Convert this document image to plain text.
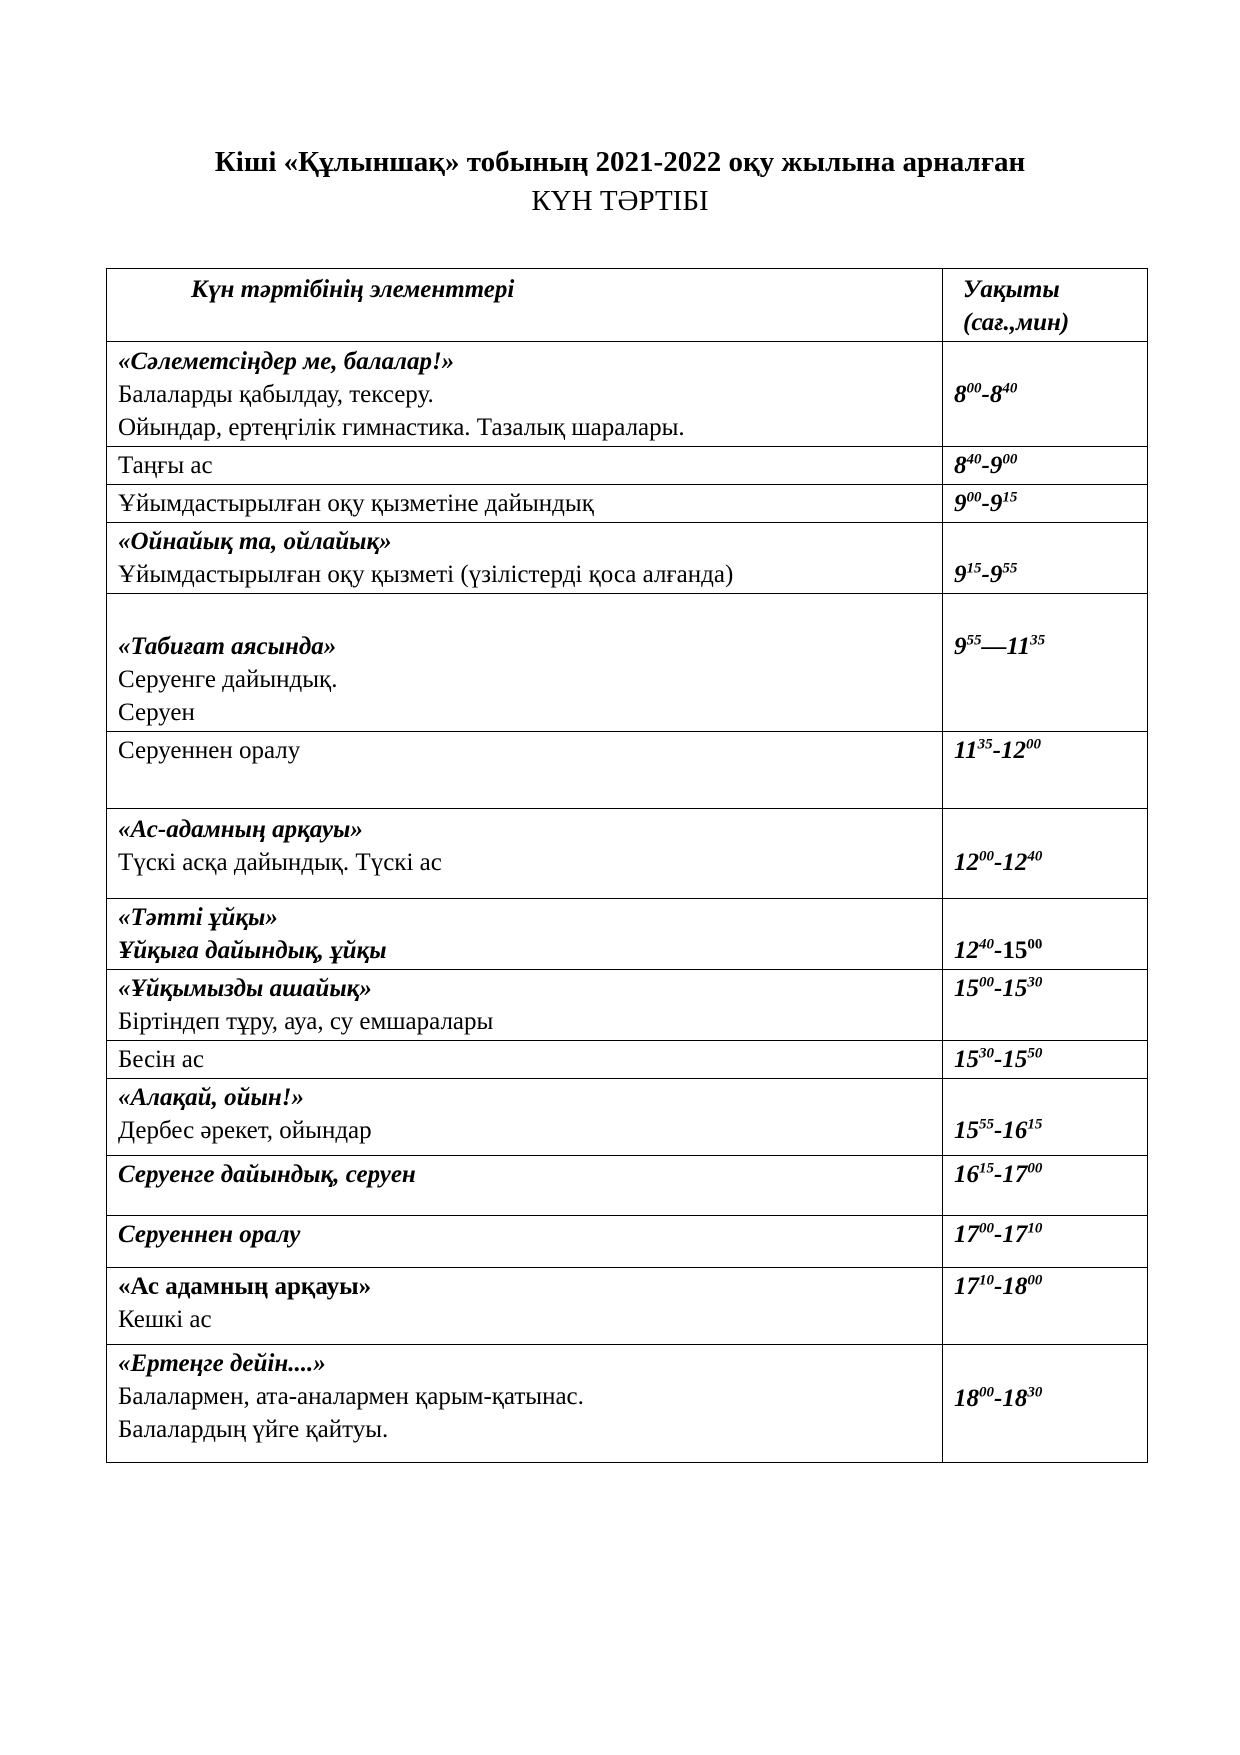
Кіші «Құлыншақ» тобының 2021-2022 оқу жылына арналған
КҮН ТӘРТІБІ
Күн тәртібінің элементтері	Уақыты (сағ.,мин)

«Сәлеметсіңдер ме, балалар!»
Балаларды қабылдау, тексеру.
Ойындар, ертеңгілік гимнастика. Тазалық шаралары.	$8^{00}-8^{40}$

Таңғы ас	$8^{40}-9^{00}$

Ұйымдастырылған оқу қызметіне дайындық	$9^{00}-9^{15}$

«Ойнайық та, ойлайық»
Ұйымдастырылған оқу қызметі (үзілістерді қоса алғанда)	$9^{15}-9^{55}$

«Табиғат аясында»
Серуенге дайындық.
Серуен	$9^{55}—11^{35}$

Серуеннен оралу	$11^{35}-12^{00}$

«Ас-адамның арқауы»
Түскі асқа дайындық. Түскі ас	$12^{00}-12^{40}$

«Тәтті ұйқы»
Ұйқыға дайындық, ұйқы	$12^{40}-15^{00}$

«Ұйқымызды ашайық»
Біртіндеп тұру, ауа, су емшаралары	$15^{00}-15^{30}$

Бесін ас	$15^{30}-15^{50}$

«Алақай, ойын!»
Дербес әрекет, ойындар	$15^{55}-16^{15}$

Серуенге дайындық, серуен	$16^{15}-17^{00}$

Серуеннен оралу	$17^{00}-17^{10}$

«Ас адамның арқауы»
Кешкі ас	$17^{10}-18^{00}$

«Ертеңге дейін....»
Балалармен, ата-аналармен қарым-қатынас.
Балалардың үйге қайтуы.	$18^{00}-18^{30}$
